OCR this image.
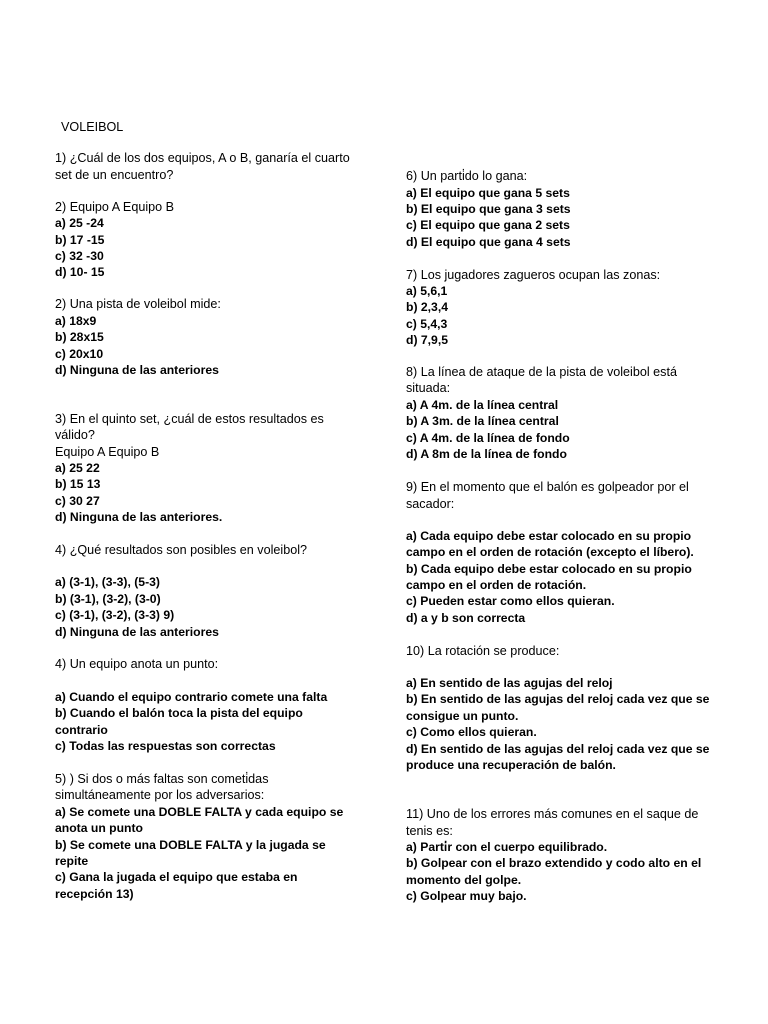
VOLEIBOL
1) ¿Cuál de los dos equipos, A o B, ganaría el cuarto
set de un encuentro?
2) Equipo A Equipo B
a) 25 -24
b) 17 -15
c) 32 -30
d) 10- 15
2) Una pista de voleibol mide:
a) 18x9
b) 28x15
c) 20x10
d) Ninguna de las anteriores
3) En el quinto set, ¿cuál de estos resultados es
válido?
Equipo A Equipo B
a) 25 22
b) 15 13
c) 30 27
d) Ninguna de las anteriores.
4) ¿Qué resultados son posibles en voleibol?
a) (3-1), (3-3), (5-3)
b) (3-1), (3-2), (3-0)
c) (3-1), (3-2), (3-3) 9)
d) Ninguna de las anteriores
4) Un equipo anota un punto:
a) Cuando el equipo contrario comete una falta
b) Cuando el balón toca la pista del equipo
contrario
c) Todas las respuestas son correctas
5) ) Si dos o más faltas son cometi̇das
simultáneamente por los adversarios:
a) Se comete una DOBLE FALTA y cada equipo se
anota un punto
b) Se comete una DOBLE FALTA y la jugada se
repite
c) Gana la jugada el equipo que estaba en
recepción 13)
6) Un parti̇do lo gana:
a) El equipo que gana 5 sets
b) El equipo que gana 3 sets
c) El equipo que gana 2 sets
d) El equipo que gana 4 sets
7) Los jugadores zagueros ocupan las zonas:
a) 5,6,1
b) 2,3,4
c) 5,4,3
d) 7,9,5
8) La línea de ataque de la pista de voleibol está
situada:
a) A 4m. de la línea central
b) A 3m. de la línea central
c) A 4m. de la línea de fondo
d) A 8m de la línea de fondo
9) En el momento que el balón es golpeador por el
sacador:
a) Cada equipo debe estar colocado en su propio
campo en el orden de rotación (excepto el líbero).
b) Cada equipo debe estar colocado en su propio
campo en el orden de rotación.
c) Pueden estar como ellos quieran.
d) a y b son correcta
10) La rotación se produce:
a) En sentido de las agujas del reloj
b) En sentido de las agujas del reloj cada vez que se
consigue un punto.
c) Como ellos quieran.
d) En sentido de las agujas del reloj cada vez que se
produce una recuperación de balón.
11) Uno de los errores más comunes en el saque de
tenis es:
a) Parti̇r con el cuerpo equilibrado.
b) Golpear con el brazo extendido y codo alto en el
momento del golpe.
c) Golpear muy bajo.
